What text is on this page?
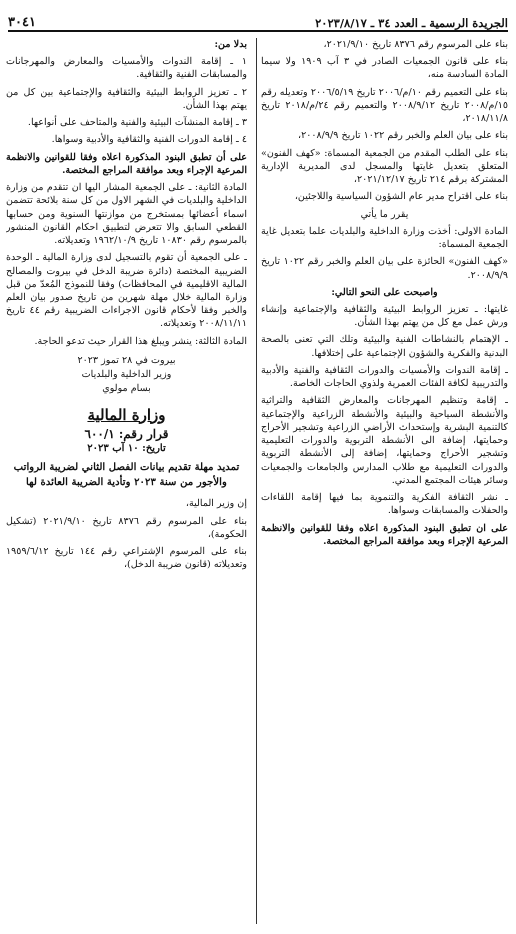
الجريدة الرسمية ـ العدد ٣٤ ـ ٢٠٢٣/٨/١٧
٣٠٤١

بناء على المرسوم رقم ٨٣٧٦ تاريخ ٢٠٢١/٩/١٠،

بناء على قانون الجمعيات الصادر في ٣ آب ١٩٠٩ ولا سيما المادة السادسة منه،

بناء على التعميم رقم ١٠/م/٢٠٠٦ تاريخ ٢٠٠٦/٥/١٩ وتعديله رقم ١٥/م/٢٠٠٨ تاريخ ٢٠٠٨/٩/١٢ والتعميم رقم ٢٤/م/٢٠١٨ تاريخ ٢٠١٨/١١/٨،

بناء على بيان العلم والخبر رقم ١٠٢٢ تاريخ ٢٠٠٨/٩/٩،

بناء على الطلب المقدم من الجمعية المسماة: «كهف الفنون» المتعلق بتعديل غايتها والمسجل لدى المديرية الإدارية المشتركة برقم ٢١٤ تاريخ ٢٠٢١/١٢/١٧،

بناء على اقتراح مدير عام الشؤون السياسية واللاجئين،

يقرر ما يأتي

المادة الاولى: أخذت وزارة الداخلية والبلديات علما بتعديل غاية الجمعية المسماة:

«كهف الفنون» الحائزة على بيان العلم والخبر رقم ١٠٢٢ تاريخ ٢٠٠٨/٩/٩.

واصبحت على النحو التالي:

غايتها: ـ تعزيز الروابط البيئية والثقافية والإجتماعية وإنشاء ورش عمل مع كل من يهتم بهذا الشأن.

ـ الإهتمام بالنشاطات الفنية والبيئية وتلك التي تعنى بالصحة البدنية والفكرية والشؤون الإجتماعية على إختلافها.

ـ إقامة الندوات والأمسيات والدورات الثقافية والفنية والأدبية والتدريبية لكافة الفئات العمرية ولذوي الحاجات الخاصة.

ـ إقامة وتنظيم المهرجانات والمعارض الثقافية والتراثية والأنشطة السياحية والبيئية والأنشطة الزراعية والإجتماعية كالتنمية البشرية وإستحداث الأراضي الزراعية وتشجير الأحراج وحمايتها، إضافة الى الأنشطة التربوية والدورات التعليمية وتشجير الأحراج وحمايتها، إضافة إلى الأنشطة التربوية والدورات التعليمية مع طلاب المدارس والجامعات والجمعيات وسائر هيئات المجتمع المدني.

ـ نشر الثقافة الفكرية والتنموية بما فيها إقامة اللقاءات والحفلات والمسابقات وسواها.

على ان تطبق البنود المذكورة اعلاه وفقا للقوانين والانظمة المرعية الإجراء وبعد موافقة المراجع المختصة.

بدلا من:

١ ـ إقامة الندوات والأمسيات والمعارض والمهرجانات والمسابقات الفنية والثقافية.

٢ ـ تعزيز الروابط البيئية والثقافية والإجتماعية بين كل من يهتم بهذا الشأن.

٣ ـ إقامة المنشآت البيئية والفنية والمتاحف على أنواعها.

٤ ـ إقامة الدورات الفنية والثقافية والأدبية وسواها.

على أن تطبق البنود المذكورة اعلاه وفقا للقوانين والانظمة المرعية الإجراء وبعد موافقة المراجع المختصة.

المادة الثانية: ـ على الجمعية المشار اليها ان تتقدم من وزارة الداخلية والبلديات في الشهر الاول من كل سنة بلائحة تتضمن اسماء أعضائها بمستخرج من موازنتها السنوية ومن حسابها القطعي السابق والا تتعرض لتطبيق احكام القانون المنشور بالمرسوم رقم ١٠٨٣٠ تاريخ ١٩٦٢/١٠/٩ وتعديلاته.

ـ على الجمعية أن تقوم بالتسجيل لدى وزارة المالية ـ الوحدة الضريبية المختصة (دائرة ضريبة الدخل في بيروت والمصالح المالية الاقليمية في المحافظات) وفقا للنموذج المُعدّ من قبل وزارة المالية خلال مهلة شهرين من تاريخ صدور بيان العلم والخبر وفقا لأحكام قانون الاجراءات الضريبية رقم ٤٤ تاريخ ٢٠٠٨/١١/١١ وتعديلاته.

المادة الثالثة: ينشر ويبلغ هذا القرار حيث تدعو الحاجة.

بيروت في ٢٨ تموز ٢٠٢٣
وزير الداخلية والبلديات
بسام مولوي
وزارة المالية
قرار رقم: ٦٠٠/١
تاريخ: ١٠ آب ٢٠٢٣
تمديد مهلة تقديم بيانات الفصل الثاني لضريبة الرواتب والأجور من سنة ٢٠٢٣ وتأدية الضريبة العائدة لها

إن وزير المالية،

بناء على المرسوم رقم ٨٣٧٦ تاريخ ٢٠٢١/٩/١٠ (تشكيل الحكومة)،

بناء على المرسوم الإشتراعي رقم ١٤٤ تاريخ ١٩٥٩/٦/١٢ وتعديلاته (قانون ضريبة الدخل)،
